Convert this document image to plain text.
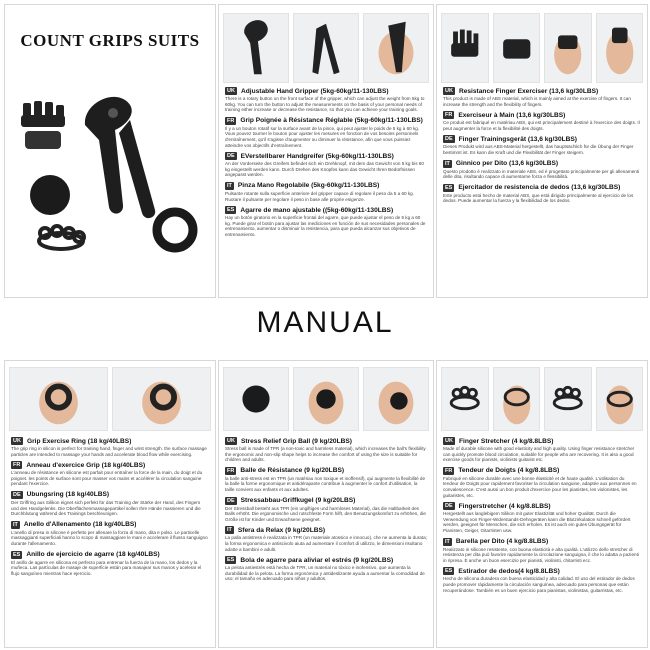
COUNT GRIPS SUITS
UK Adjustable Hand Gripper (5kg-60kg/11-130LBS)
There is a rotary button on the front surface of the gripper, which can adjust the weight from 5kg to 60kg. You can turn the button to adjust the measurements on the basis of your personal needs of training either increase or decrease the resistance, so that you can achieve your training goals.
FR Grip Poignée à Résistance Réglable (5kg-60kg/11-130LBS)
Il y a un bouton rotatif sur la surface avant de la pince, qui peut ajuster le poids de 5 kg à 60 kg. Vous pouvez tourner le bouton pour ajuster les mesures en fonction de vos besoins personnels d'entraînement, qu'il s'agisse d'augmenter ou diminuer la résistance, afin que vous puissiez atteindre vos objectifs d'entraînement.
DE EVerstellbarer Handgreifer (5kg-60kg/11-130LBS)
An der Vorderseite des Greifers befindet sich ein Drehknopf, mit dem das Gewicht von 5 kg bis 60 kg eingestellt werden kann. Durch Drehen des Knopfes kann das Gewicht Ihren Bedürfnissen angepasst werden.
IT Pinza Mano Regolabile (5kg-60kg/11-130LBS)
Pulsante rotante sulla superficie anteriore del gripper capace di regolare il peso da 5 a 60 kg. Ruotare il pulsante per regolare il peso in base alle proprie esigenze.
ES Agarre de mano ajustable ((5kg-60kg/11-130LBS)
Hay un botón giratorio en la superficie frontal del agarre, que puede ajustar el peso de 5 kg a 60 kg. Puede girar el botón para ajustar las mediciones en función de sus necesidades personales de entrenamiento, aumentar o disminuir la resistencia, para que pueda alcanzar sus objetivos de entrenamiento.
UK Resistance Finger Exerciser (13,6 kg/30LBS)
This product is made of ABS material, which is mainly aimed at the exercise of fingers. It can increase the strength and the flexibility of fingers.
FR Exerciseur à Main (13,6 kg/30LBS)
Ce produit est fabriqué en matériau ABS, qui est principalement destiné à l'exercice des doigts. Il peut augmenter la force et la flexibilité des doigts.
DE Finger Trainingsgerät (13,6 kg/30LBS)
Dieses Produkt wird aus ABS-Material hergestellt, das hauptsächlich für die Übung der Finger bestimmt ist. Es kann die Kraft und die Flexibilität der Finger steigern.
IT Ginnico per Dito (13,6 kg/30LBS)
Questo prodotto è realizzato in materiale ABS, ed è progettato principalmente per gli allenamenti delle dita, risultando capace di aumentarne forza e flessibilità.
ES Ejercitador de resistencia de dedos (13,6 kg/30LBS)
Este producto está hecho de material ABS, que está dirigido principalmente al ejercicio de los dedos. Puede aumentar la fuerza y la flexibilidad de los dedos.
MANUAL
UK Grip Exercise Ring (18 kg/40LBS)
The grip ring in silicon is perfect for training hand, finger and wrist strength. the surface massage particles are intended to massage your hands and accelerate blood flow while exercising.
FR Anneau d'exercice Grip (18 kg/40LBS)
L'anneau de résistance en silicone est parfait pour entraîner la force de la main, du doigt et du poignet. les points de surface sont pour masser vos mains et accélérer la circulation sanguine pendant l'exercice.
DE Übungsring (18 kg/40LBS)
Der Griffring aus Silikon eignet sich perfekt für das Training der Stärke der Hand, des Fingers und des Handgelenks. Die Oberflächenmassagepartikel sollen Ihre Hände massieren und die Durchblutung während des Trainings beschleunigen.
IT Anello d'Allenamento (18 kg/40LBS)
L'anello di presa in silicone è perfetto per allenare la forza di mano, dita e polso. Le particelle massaggianti superficiali hanno lo scopo di massaggiare le mani e accelerare il flusso sanguigno durante l'allenamento.
ES Anillo de ejercicio de agarre (18 kg/40LBS)
El anillo de agarre en silicona es perfecto para entrenar la fuerza de la mano, los dedos y la muñeca. Las partículas de masaje de superficie están para masajear sus manos y acelerar el flujo sanguíneo mientras hace ejercicio.
UK Stress Relief Grip Ball (9 kg/20LBS)
Stress ball is made of TPR (a non-toxic and harmless material), which increases the ball's flexibility the ergonomic and non-slip shape helps to increase the comfort of using the size is suitable for children and adults.
FR Balle de Résistance (9 kg/20LBS)
la balle anti-stress est en TPR (un matériau non toxique et inoffensif), qui augmente la flexibilité de la balle la forme ergonomique et antidérapante contribue à augmenter le confort d'utilisation, la taille convient aux enfants et aux adultes.
DE Stressabbau-Griffkugel (9 kg/20LBS)
Der Stressball besteht aus TPR (ein ungiftiges und harmloses Material), das die Haltbarkeit des Balls erhöht. Die ergonomische und rutschfeste Form hilft, den Benutzungskomfort zu erhöhen, die Größe ist für Kinder und Erwachsene geeignet.
IT Sfera da Relax (9 kg/20LBS)
La palla antistress è realizzata in TPR (un materiale atossico e innocuo), che ne aumenta la durata; la forma ergonomica e antiscivolo aiuta ad aumentare il comfort di utilizzo, le dimensioni risultano adatte a bambini e adulti.
ES Bola de agarre para aliviar el estrés (9 kg/20LBS)
La pelota antiestrés está hecha de TPR, un material no tóxico e inofensivo, que aumenta la durabilidad de la pelota. La forma ergonómica y antideslizante ayuda a aumentar la comodidad de uso; el tamaño es adecuado para niños y adultos.
UK Finger Stretcher (4 kg/8.8LBS)
Made of durable silicone with good elasticity and high quality. Using finger resistance stretcher can quickly promote blood circulation, suitable for people who are recovering. It is also a good exercise goods for pianists, violinists guitarist etc.
FR Tendeur de Doigts (4 kg/8.8LBS)
Fabriqué en silicone durable avec une bonne élasticité et de haute qualité. L'utilisation du tendeur de Doigts pour rapidement favoriser la circulation sanguine, adaptée aux personnes en convalescence. C'est aussi un bon produit d'exercice pour les pianistes, les violonistes, les guitaristes, etc.
DE Fingerstretcher (4 kg/8.8LBS)
Hergestellt aus langlebigem Silikon mit guter Elastizität und hoher Qualität. Durch die Verwendung von Finger-Widerstands-Dehngeräten kann die Blutzirkulation schnell gefördert werden, geeignet für Menschen, die sich erholen. Es ist auch ein gutes Übungsgerät für Pianisten, Geiger, Gitarristen usw.
IT Barella per Dito (4 kg/8.8LBS)
Realizzato in silicone resistente, con buona elasticità e alta qualità. L'utilizzo dello stretcher di resistenza per dita può favorire rapidamente la circolazione sanguigna, il che lo adatta a pazienti in ripresa. È anche un buon esercizio per pianisti, violinisti, chitarristi ecc.
ES Estirador de dedos(4 kg/8.8LBS)
Hecho de silicona duradera con buena elasticidad y alta calidad. El uso del estirador de dedos puede promover rápidamente la circulación sanguínea, adecuado para personas que están recuperándose. También es un buen ejercicio para pianistas, violinistas, guitarristas, etc.
